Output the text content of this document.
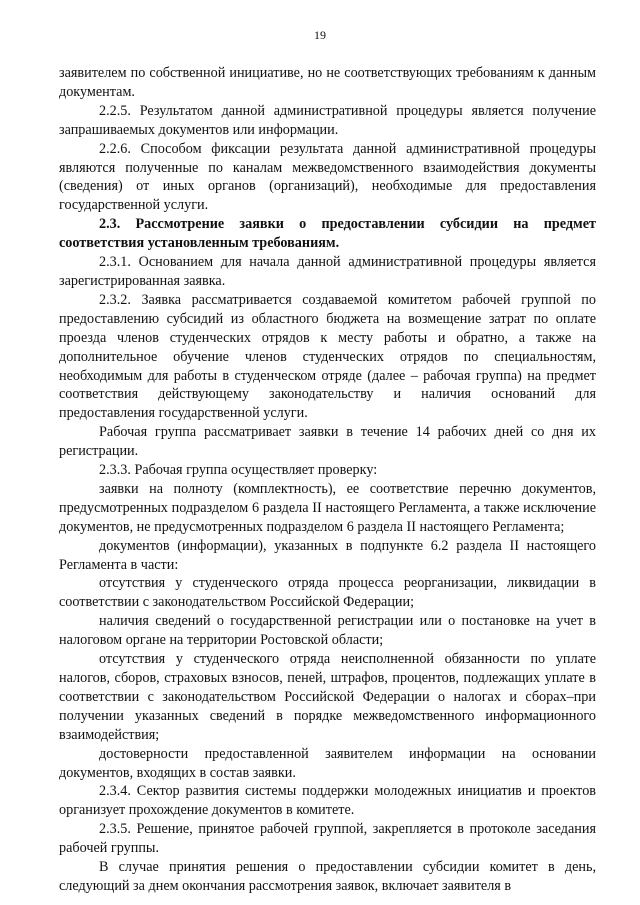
19

заявителем по собственной инициативе, но не соответствующих требованиям к данным документам.

2.2.5. Результатом данной административной процедуры является получение запрашиваемых документов или информации.

2.2.6. Способом фиксации результата данной административной процедуры являются полученные по каналам межведомственного взаимодействия документы (сведения) от иных органов (организаций), необходимые для предоставления государственной услуги.

2.3. Рассмотрение заявки о предоставлении субсидии на предмет соответствия установленным требованиям.

2.3.1. Основанием для начала данной административной процедуры является зарегистрированная заявка.

2.3.2. Заявка рассматривается создаваемой комитетом рабочей группой по предоставлению субсидий из областного бюджета на возмещение затрат по оплате проезда членов студенческих отрядов к месту работы и обратно, а также на дополнительное обучение членов студенческих отрядов по специальностям, необходимым для работы в студенческом отряде (далее – рабочая группа) на предмет соответствия действующему законодательству и наличия оснований для предоставления государственной услуги.

Рабочая группа рассматривает заявки в течение 14 рабочих дней со дня их регистрации.

2.3.3. Рабочая группа осуществляет проверку:

заявки на полноту (комплектность), ее соответствие перечню документов, предусмотренных подразделом 6 раздела II настоящего Регламента, а также исключение документов, не предусмотренных подразделом 6 раздела II настоящего Регламента;

документов (информации), указанных в подпункте 6.2 раздела II настоящего Регламента в части:

отсутствия у студенческого отряда процесса реорганизации, ликвидации в соответствии с законодательством Российской Федерации;

наличия сведений о государственной регистрации или о постановке на учет в налоговом органе на территории Ростовской области;

отсутствия у студенческого отряда неисполненной обязанности по уплате налогов, сборов, страховых взносов, пеней, штрафов, процентов, подлежащих уплате в соответствии с законодательством Российской Федерации о налогах и сборах–при получении указанных сведений в порядке межведомственного информационного взаимодействия;

достоверности предоставленной заявителем информации на основании документов, входящих в состав заявки.

2.3.4. Сектор развития системы поддержки молодежных инициатив и проектов организует прохождение документов в комитете.

2.3.5. Решение, принятое рабочей группой, закрепляется в протоколе заседания рабочей группы.

В случае принятия решения о предоставлении субсидии комитет в день, следующий за днем окончания рассмотрения заявок, включает заявителя в
